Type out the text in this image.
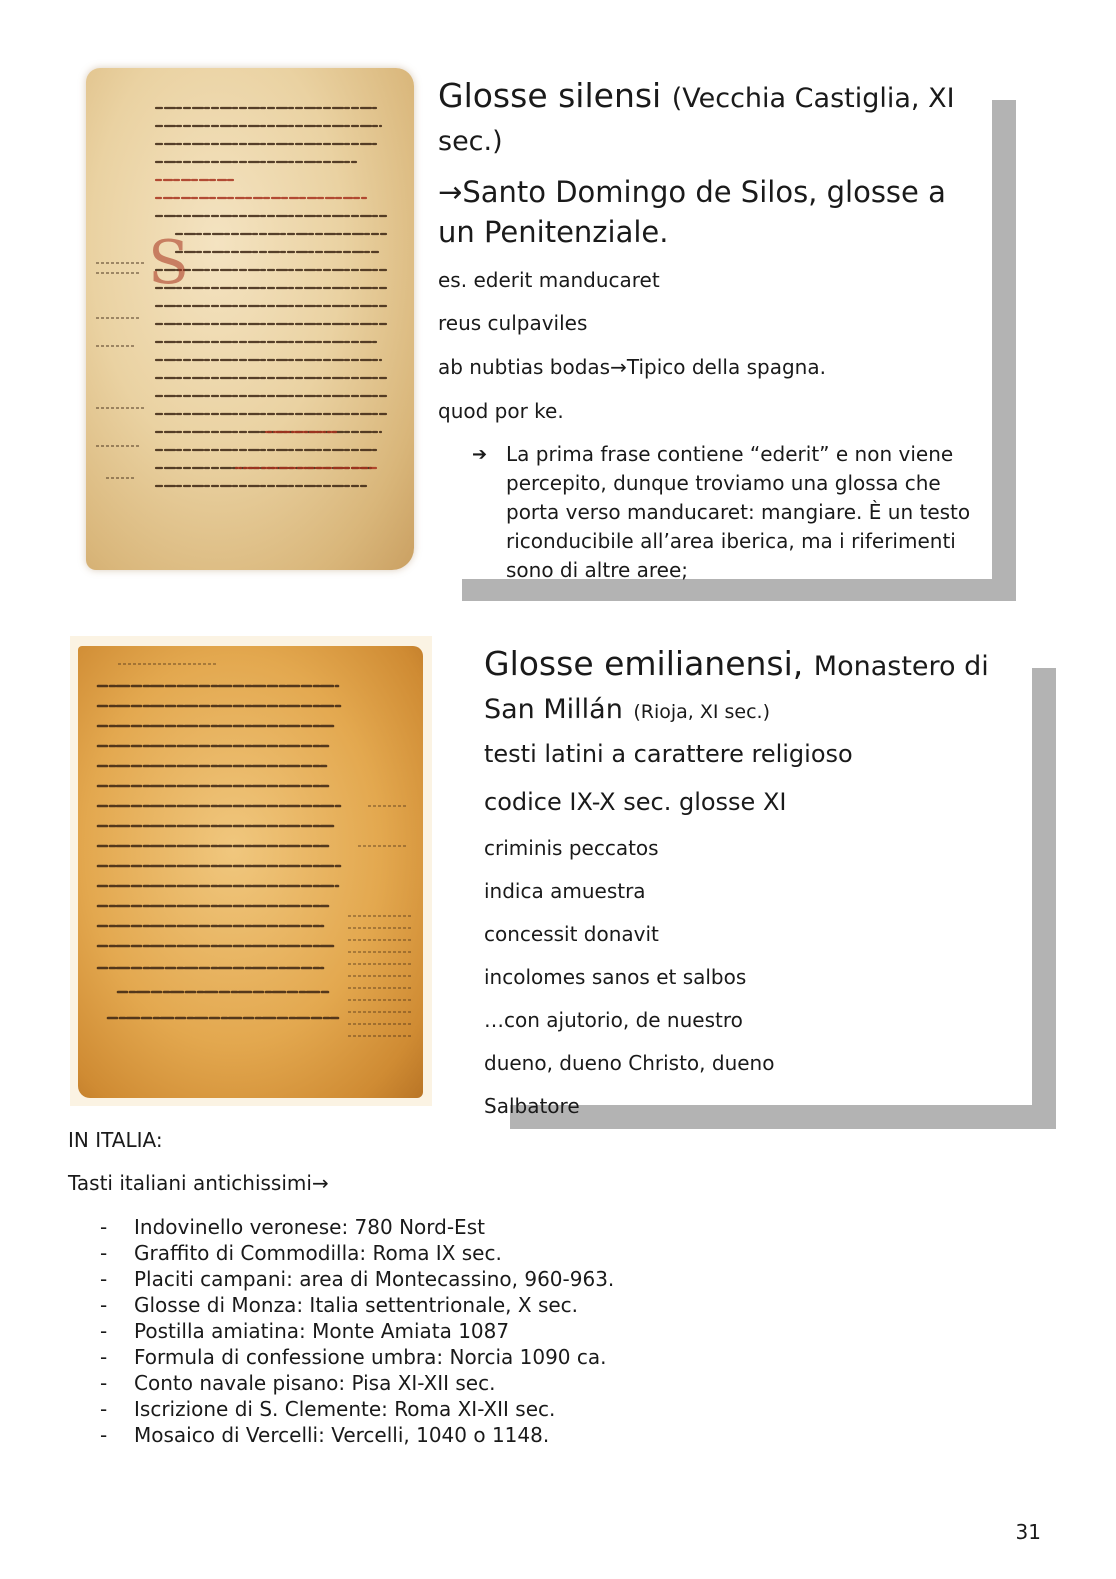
S

Glosse silensi (Vecchia Castiglia, XI sec.)

→Santo Domingo de Silos, glosse a un Penitenziale.

es. ederit manducaret

reus culpaviles

ab nubtias bodas→Tipico della spagna.

quod por ke.

➔ La prima frase contiene “ederit” e non viene percepito, dunque troviamo una glossa che porta verso manducaret: mangiare. È un testo riconducibile all’area iberica, ma i riferimenti sono di altre aree;

Glosse emilianensi, Monastero di San Millán (Rioja, XI sec.)

testi latini a carattere religioso

codice IX-X sec. glosse XI

criminis peccatos

indica amuestra

concessit donavit

incolomes sanos et salbos

…con ajutorio, de nuestro

dueno, dueno Christo, dueno

Salbatore

IN ITALIA:
Tasti italiani antichissimi→
- Indovinello veronese: 780 Nord-Est
- Graffito di Commodilla: Roma IX sec.
- Placiti campani: area di Montecassino, 960-963.
- Glosse di Monza: Italia settentrionale, X sec.
- Postilla amiatina: Monte Amiata 1087
- Formula di confessione umbra: Norcia 1090 ca.
- Conto navale pisano: Pisa XI-XII sec.
- Iscrizione di S. Clemente: Roma XI-XII sec.
- Mosaico di Vercelli: Vercelli, 1040 o 1148.
31
